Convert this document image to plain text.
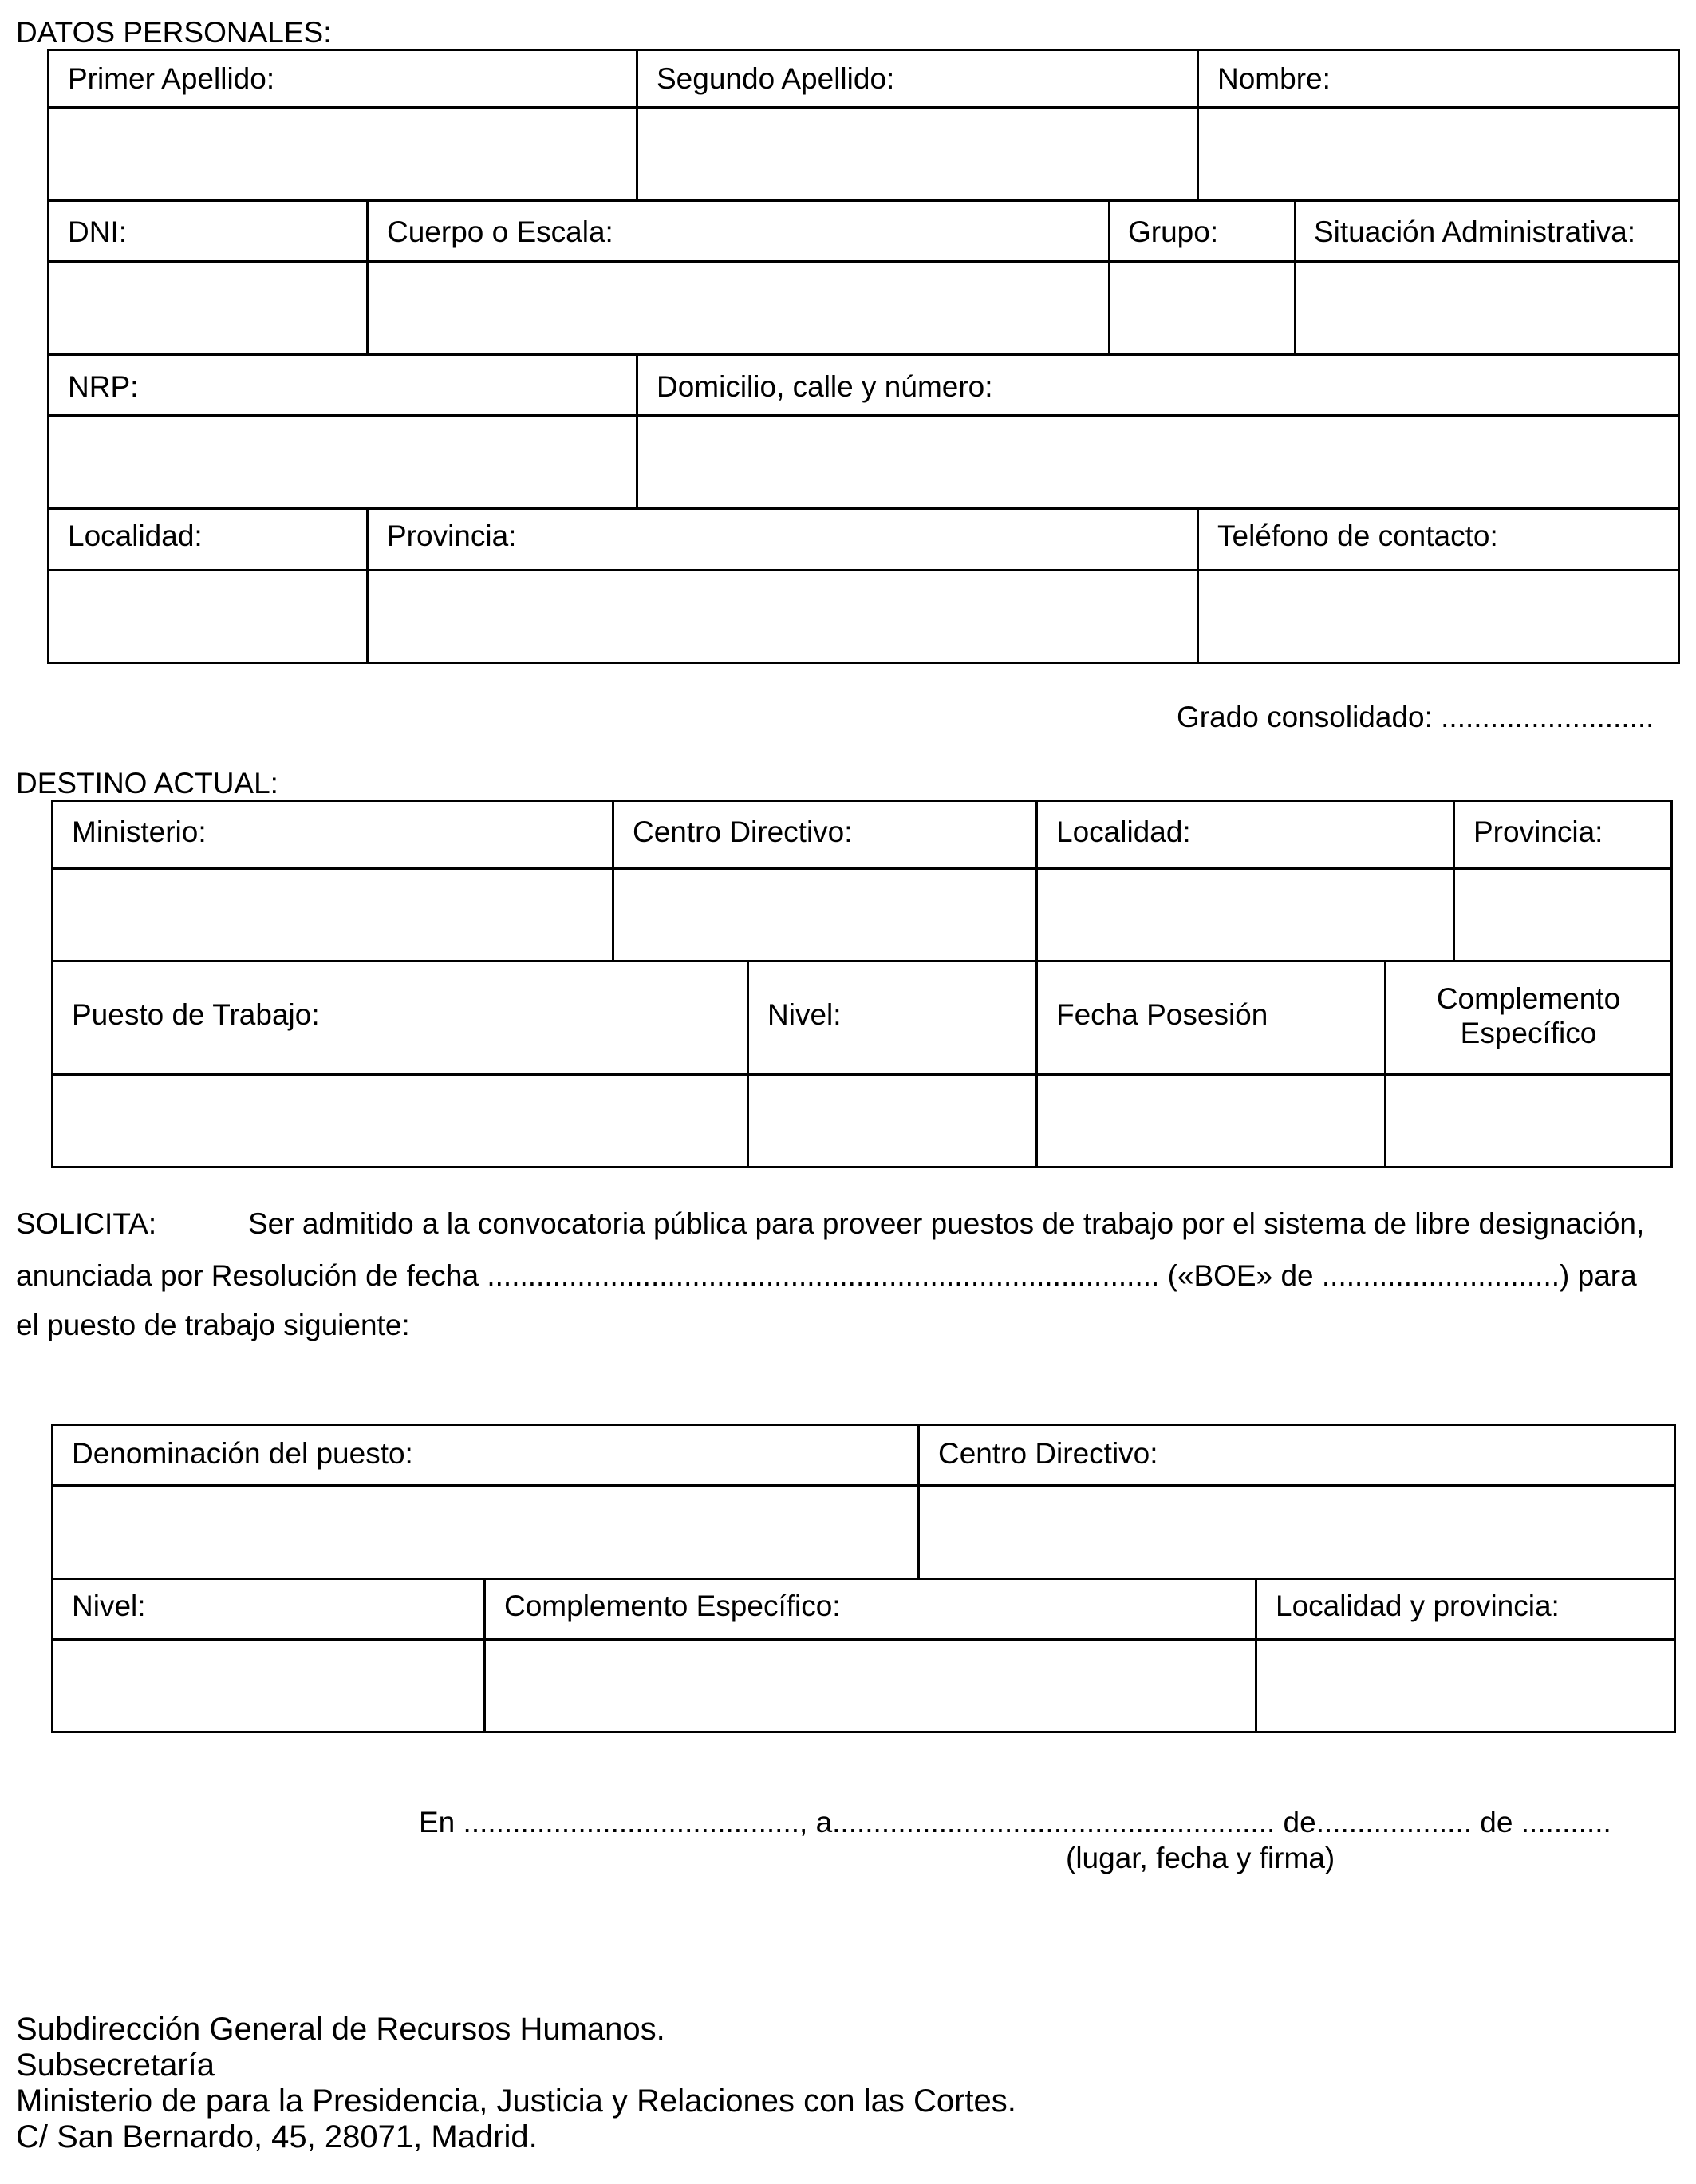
DATOS PERSONALES:
Primer Apellido:	Segundo Apellido:	Nombre:
DNI:	Cuerpo o Escala:	Grupo:	Situación Administrativa:
NRP:	Domicilio, calle y número:
Localidad:	Provincia:	Teléfono de contacto:
Grado consolidado: ..........................
DESTINO ACTUAL:
Ministerio:	Centro Directivo:	Localidad:	Provincia:
Puesto de Trabajo:	Nivel:	Fecha Posesión	Complemento
Específico
SOLICITA:	Ser admitido a la convocatoria pública para proveer puestos de trabajo por el sistema de libre designación,
anunciada por Resolución de fecha .................................................................................. («BOE» de .............................) para
el puesto de trabajo siguiente:
Denominación del puesto:	Centro Directivo:
Nivel:	Complemento Específico:	Localidad y provincia:
En ........................................., a...................................................... de................... de ...........
(lugar, fecha y firma)
Subdirección General de Recursos Humanos.
Subsecretaría
Ministerio de para la Presidencia, Justicia y Relaciones con las Cortes.
C/ San Bernardo, 45, 28071, Madrid.
